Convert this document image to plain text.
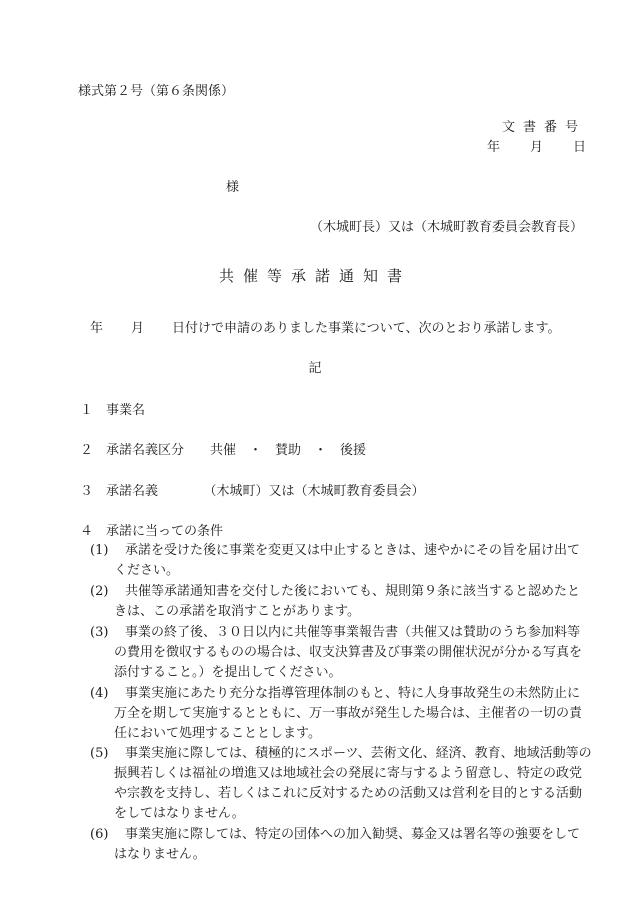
様式第２号（第６条関係）
文書番号
年 月 日
様
（木城町長）又は（木城町教育委員会教育長）
共催等承諾通知書
年 月 日付けで申請のありました事業について、次のとおり承諾します。
記
１ 事業名
２ 承諾名義区分　　共催　・　賛助　・　後援
３ 承諾名義　　　　（木城町）又は（木城町教育委員会）
４ 承諾に当っての条件
(1)	承諾を受けた後に事業を変更又は中止するときは、速やかにその旨を届け出てください。
(2)	共催等承諾通知書を交付した後においても、規則第９条に該当すると認めたときは、この承諾を取消すことがあります。
(3)	事業の終了後、３０日以内に共催等事業報告書（共催又は賛助のうち参加料等の費用を徴収するものの場合は、収支決算書及び事業の開催状況が分かる写真を添付すること。）を提出してください。
(4)	事業実施にあたり充分な指導管理体制のもと、特に人身事故発生の未然防止に万全を期して実施するとともに、万一事故が発生した場合は、主催者の一切の責任において処理することとします。
(5)	事業実施に際しては、積極的にスポーツ、芸術文化、経済、教育、地域活動等の振興若しくは福祉の増進又は地域社会の発展に寄与するよう留意し、特定の政党や宗教を支持し、若しくはこれに反対するための活動又は営利を目的とする活動をしてはなりません。
(6)	事業実施に際しては、特定の団体への加入勧奨、募金又は署名等の強要をしてはなりません。
